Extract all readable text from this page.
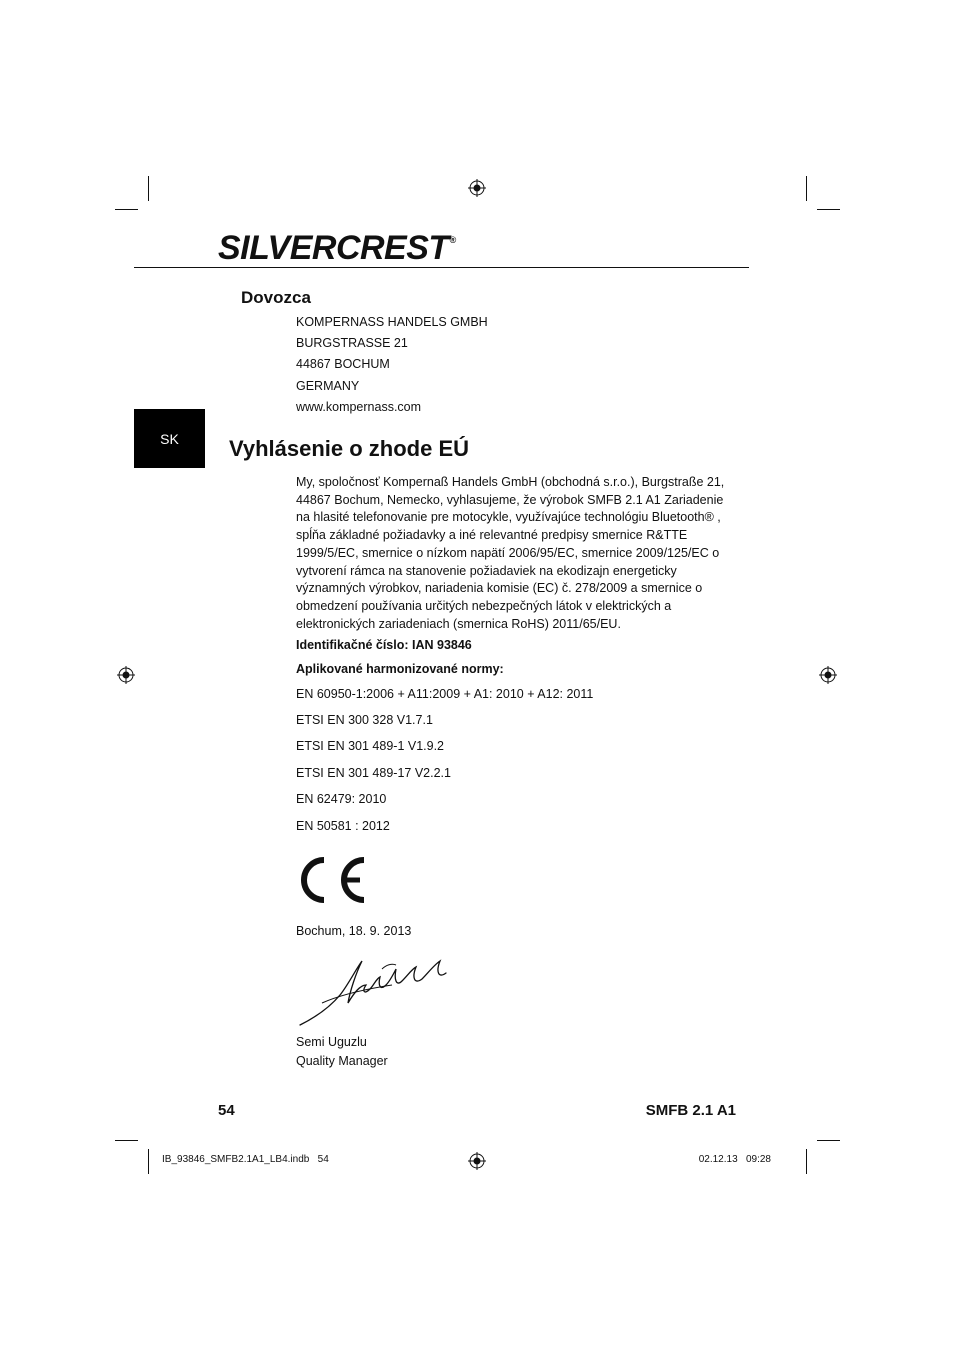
SILVERCREST®
Dovozca
KOMPERNASS HANDELS GMBH
BURGSTRASSE 21
44867 BOCHUM
GERMANY
www.kompernass.com
SK	Vyhlásenie o zhode EÚ
My, spoločnosť Kompernaß Handels GmbH (obchodná s.r.o.), Burgstraße 21, 44867 Bochum, Nemecko, vyhlasujeme, že výrobok SMFB 2.1 A1 Zariadenie na hlasité telefonovanie pre motocykle, využívajúce technológiu Bluetooth® , spĺňa základné požiadavky a iné relevantné predpisy smernice R&TTE 1999/5/EC, smernice o nízkom napätí 2006/95/EC, smernice 2009/125/EC o vytvorení rámca na stanovenie požiadaviek na ekodizajn energeticky významných výrobkov, nariadenia komisie (EC) č. 278/2009 a smernice o obmedzení používania určitých nebezpečných látok v elektrických a elektronických zariadeniach (smernica RoHS) 2011/65/EU.
Identifikačné číslo: IAN 93846
Aplikované harmonizované normy:
EN 60950-1:2006 + A11:2009 + A1: 2010 + A12: 2011
ETSI EN 300 328 V1.7.1
ETSI EN 301 489-1 V1.9.2
ETSI EN 301 489-17 V2.2.1
EN 62479: 2010
EN 50581 : 2012
Bochum, 18. 9. 2013
Semi Uguzlu
Quality Manager
54	SMFB 2.1 A1
IB_93846_SMFB2.1A1_LB4.indb   54	02.12.13   09:28
